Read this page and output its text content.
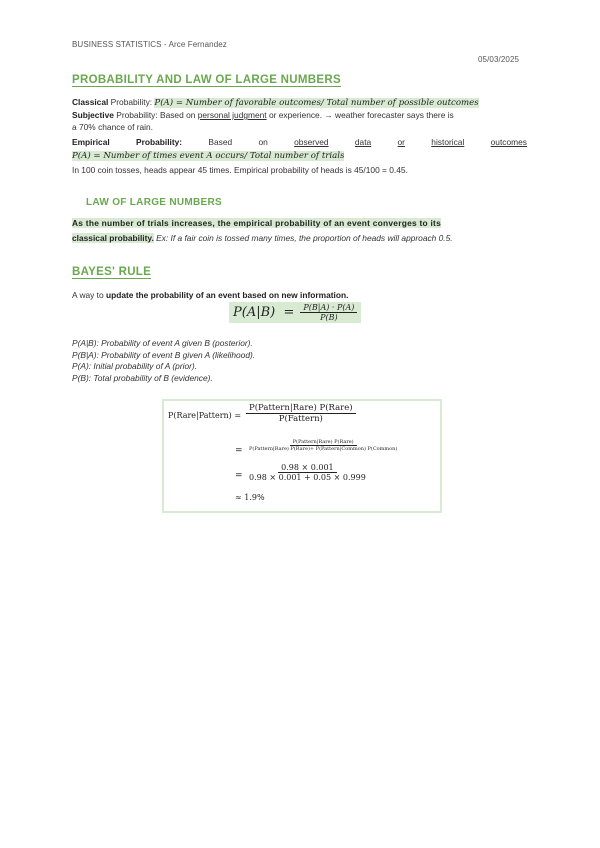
BUSINESS STATISTICS - Arce Fernandez
05/03/2025
PROBABILITY AND LAW OF LARGE NUMBERS
Classical Probability: P(A) = Number of favorable outcomes/ Total number of possible outcomes
Subjective Probability: Based on personal judgment or experience. → weather forecaster says there is
a 70% chance of rain.
Empirical	Probability:	Based	on	observed	data	or	historical	outcomes
P(A) = Number of times event A occurs/ Total number of trials
In 100 coin tosses, heads appear 45 times. Empirical probability of heads is 45/100 = 0.45.
LAW OF LARGE NUMBERS
As the number of trials increases, the empirical probability of an event converges to its
classical probability. Ex: If a fair coin is tossed many times, the proportion of heads will approach 0.5.
BAYES' RULE
A way to update the probability of an event based on new information.
$P(A|B) = \frac{P(B|A) \cdot P(A)}{P(B)}$
P(A|B): Probability of event A given B (posterior).
P(B|A): Probability of event B given A (likelihood).
P(A): Initial probability of A (prior).
P(B): Total probability of B (evidence).
P(Rare|Pattern) =
P(Pattern|Rare) P(Rare)
P(Fattern)
=
P(Pattern|Rare) P(Rare)
P(Pattern|Rare) P(Rare)+ P(Pattern|Common) P(Common)
= $\frac{0.98 \times 0.001}{0.98 \times 0.001 + 0.05 \times 0.999}$
≈ 1.9%
